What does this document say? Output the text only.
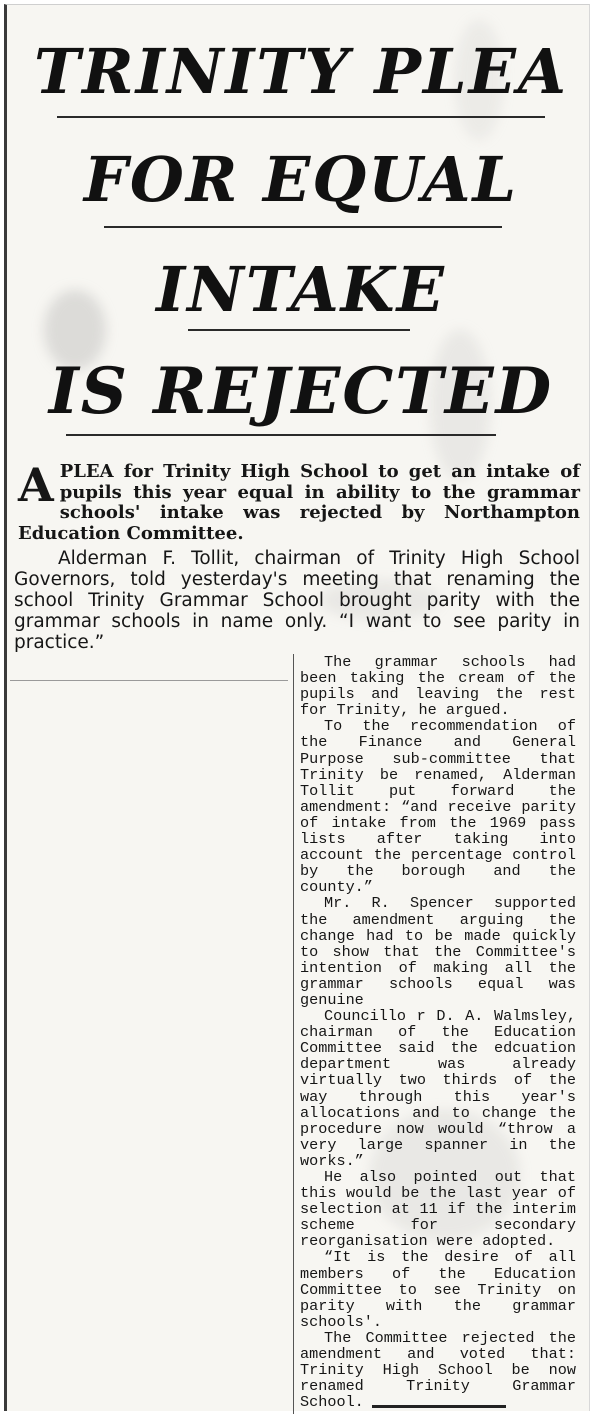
TRINITY PLEA
FOR EQUAL
INTAKE
IS REJECTED
APLEA for Trinity High School to get an intake of pupils this year equal in ability to the grammar schools' intake was rejected by Northampton Education Committee.
Alderman F. Tollit, chairman of Trinity High School Governors, told yesterday's meeting that renaming the school Trinity Grammar School brought parity with the grammar schools in name only. “I want to see parity in practice.”

The grammar schools had been taking the cream of the pupils and leaving the rest for Trinity, he argued.

To the recommendation of the Finance and General Purpose sub-committee that Trinity be renamed, Alderman Tollit put forward the amendment: “and receive parity of intake from the 1969 pass lists after taking into account the percentage control by the borough and the county.”

Mr. R. Spencer supported the amendment arguing the change had to be made quickly to show that the Committee's intention of making all the grammar schools equal was genuine

Councillo r D. A. Walmsley, chairman of the Education Committee said the edcuation department was already virtually two thirds of the way through this year's allocations and to change the procedure now would “throw a very large spanner in the works.”

He also pointed out that this would be the last year of selection at 11 if the interim scheme for secondary reorganisation were adopted.

“It is the desire of all members of the Education Committee to see Trinity on parity with the grammar schools'.

The Committee rejected the amendment and voted that: Trinity High School be now renamed Trinity Grammar School.
